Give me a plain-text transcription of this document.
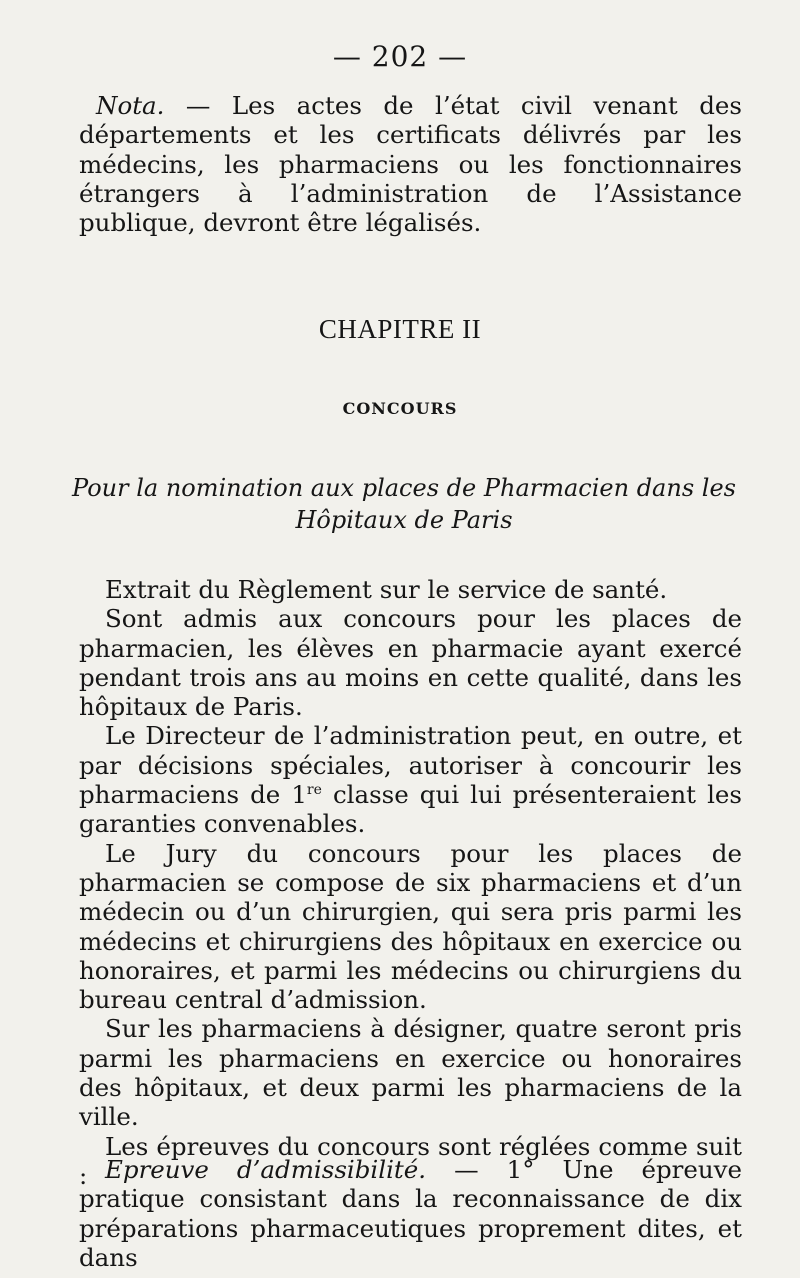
— 202 —
Nota. — Les actes de l’état civil venant des départements et les certificats délivrés par les médecins, les pharmaciens ou les fonctionnaires étrangers à l’administration de l’Assistance publique, devront être légalisés.
CHAPITRE II
CONCOURS
Pour la nomination aux places de Pharmacien dans les
Hôpitaux de Paris

Extrait du Règlement sur le service de santé.

Sont admis aux concours pour les places de pharmacien, les élèves en pharmacie ayant exercé pendant trois ans au moins en cette qualité, dans les hôpitaux de Paris.

Le Directeur de l’administration peut, en outre, et par décisions spéciales, autoriser à concourir les pharmaciens de 1re classe qui lui présenteraient les garanties convenables.

Le Jury du concours pour les places de pharmacien se compose de six pharmaciens et d’un médecin ou d’un chirurgien, qui sera pris parmi les médecins et chirurgiens des hôpitaux en exercice ou honoraires, et parmi les médecins ou chirurgiens du bureau central d’admission.

Sur les pharmaciens à désigner, quatre seront pris parmi les pharmaciens en exercice ou honoraires des hôpitaux, et deux parmi les pharmaciens de la ville.

Les épreuves du concours sont réglées comme suit : Epreuve d’admissibilité. — 1° Une épreuve pratique consistant dans la reconnaissance de dix préparations pharmaceutiques proprement dites, et dans
